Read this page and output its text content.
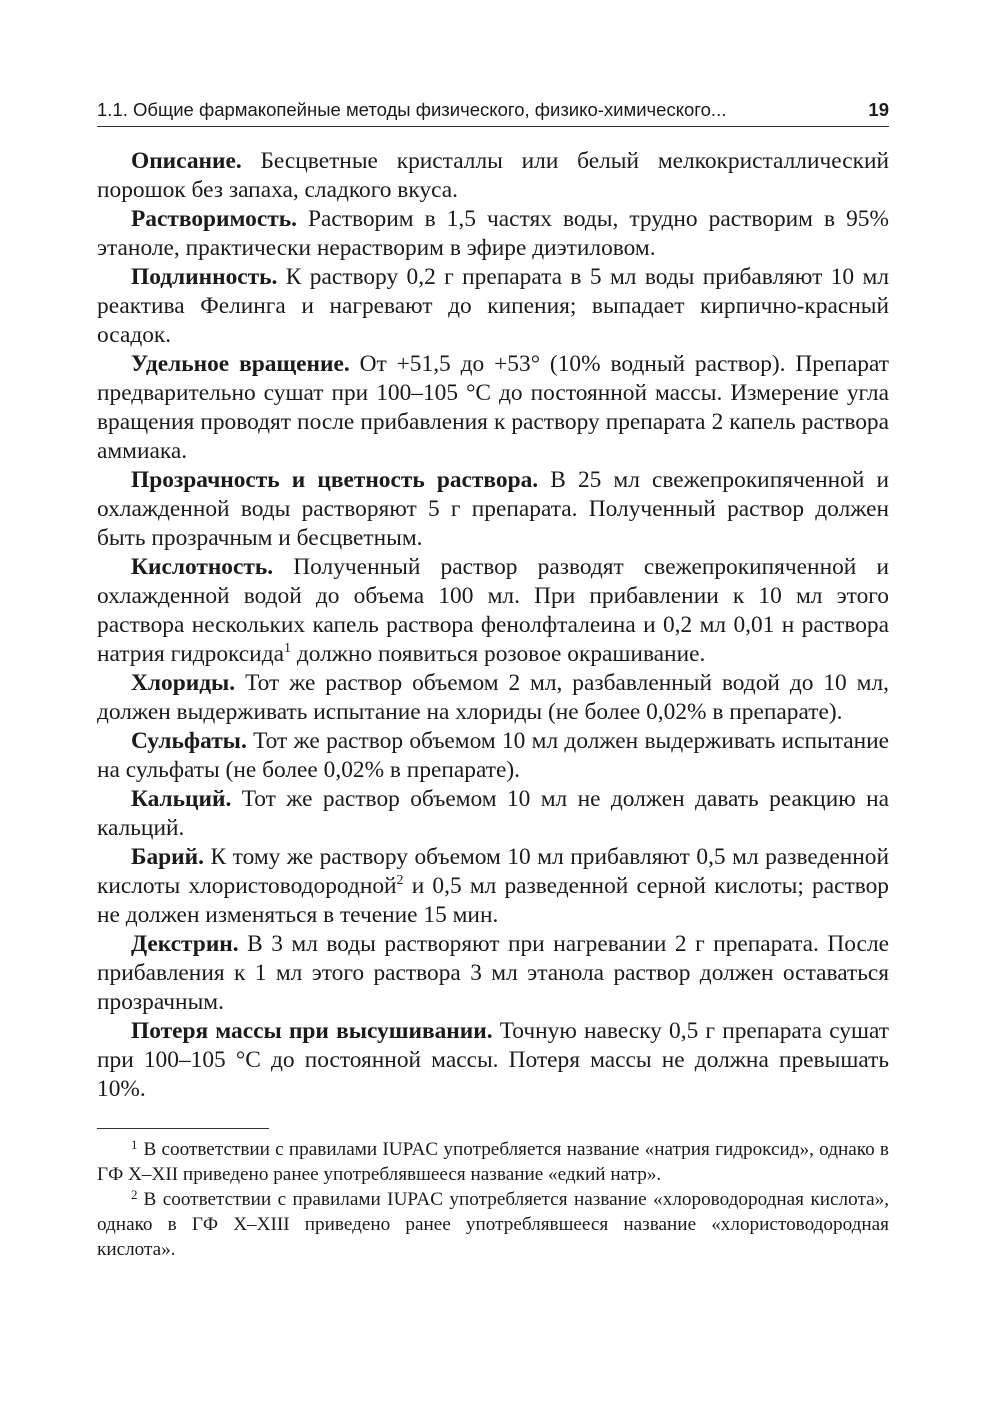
1.1. Общие фармакопейные методы физического, физико-химического...	19

Описание. Бесцветные кристаллы или белый мелкокристаллический порошок без запаха, сладкого вкуса.

Растворимость. Растворим в 1,5 частях воды, трудно растворим в 95% этаноле, практически нерастворим в эфире диэтиловом.

Подлинность. К раствору 0,2 г препарата в 5 мл воды прибавляют 10 мл реактива Фелинга и нагревают до кипения; выпадает кирпично-красный осадок.

Удельное вращение. От +51,5 до +53° (10% водный раствор). Препарат предварительно сушат при 100–105 °С до постоянной массы. Измерение угла вращения проводят после прибавления к раствору препарата 2 капель раствора аммиака.

Прозрачность и цветность раствора. В 25 мл свежепрокипяченной и охлажденной воды растворяют 5 г препарата. Полученный раствор должен быть прозрачным и бесцветным.

Кислотность. Полученный раствор разводят свежепрокипяченной и охлажденной водой до объема 100 мл. При прибавлении к 10 мл этого раствора нескольких капель раствора фенолфталеина и 0,2 мл 0,01 н раствора натрия гидроксида$^1$ должно появиться розовое окрашивание.

Хлориды. Тот же раствор объемом 2 мл, разбавленный водой до 10 мл, должен выдерживать испытание на хлориды (не более 0,02% в препарате).

Сульфаты. Тот же раствор объемом 10 мл должен выдерживать испытание на сульфаты (не более 0,02% в препарате).

Кальций. Тот же раствор объемом 10 мл не должен давать реакцию на кальций.

Барий. К тому же раствору объемом 10 мл прибавляют 0,5 мл разведенной кислоты хлористоводородной$^2$ и 0,5 мл разведенной серной кислоты; раствор не должен изменяться в течение 15 мин.

Декстрин. В 3 мл воды растворяют при нагревании 2 г препарата. После прибавления к 1 мл этого раствора 3 мл этанола раствор должен оставаться прозрачным.

Потеря массы при высушивании. Точную навеску 0,5 г препарата сушат при 100–105 °С до постоянной массы. Потеря массы не должна превышать 10%.

$^1$ В соответствии с правилами IUPAC употребляется название «натрия гидроксид», однако в ГФ X–XII приведено ранее употреблявшееся название «едкий натр».

$^2$ В соответствии с правилами IUPAC употребляется название «хлороводородная кислота», однако в ГФ X–XIII приведено ранее употреблявшееся название «хлористоводородная кислота».
